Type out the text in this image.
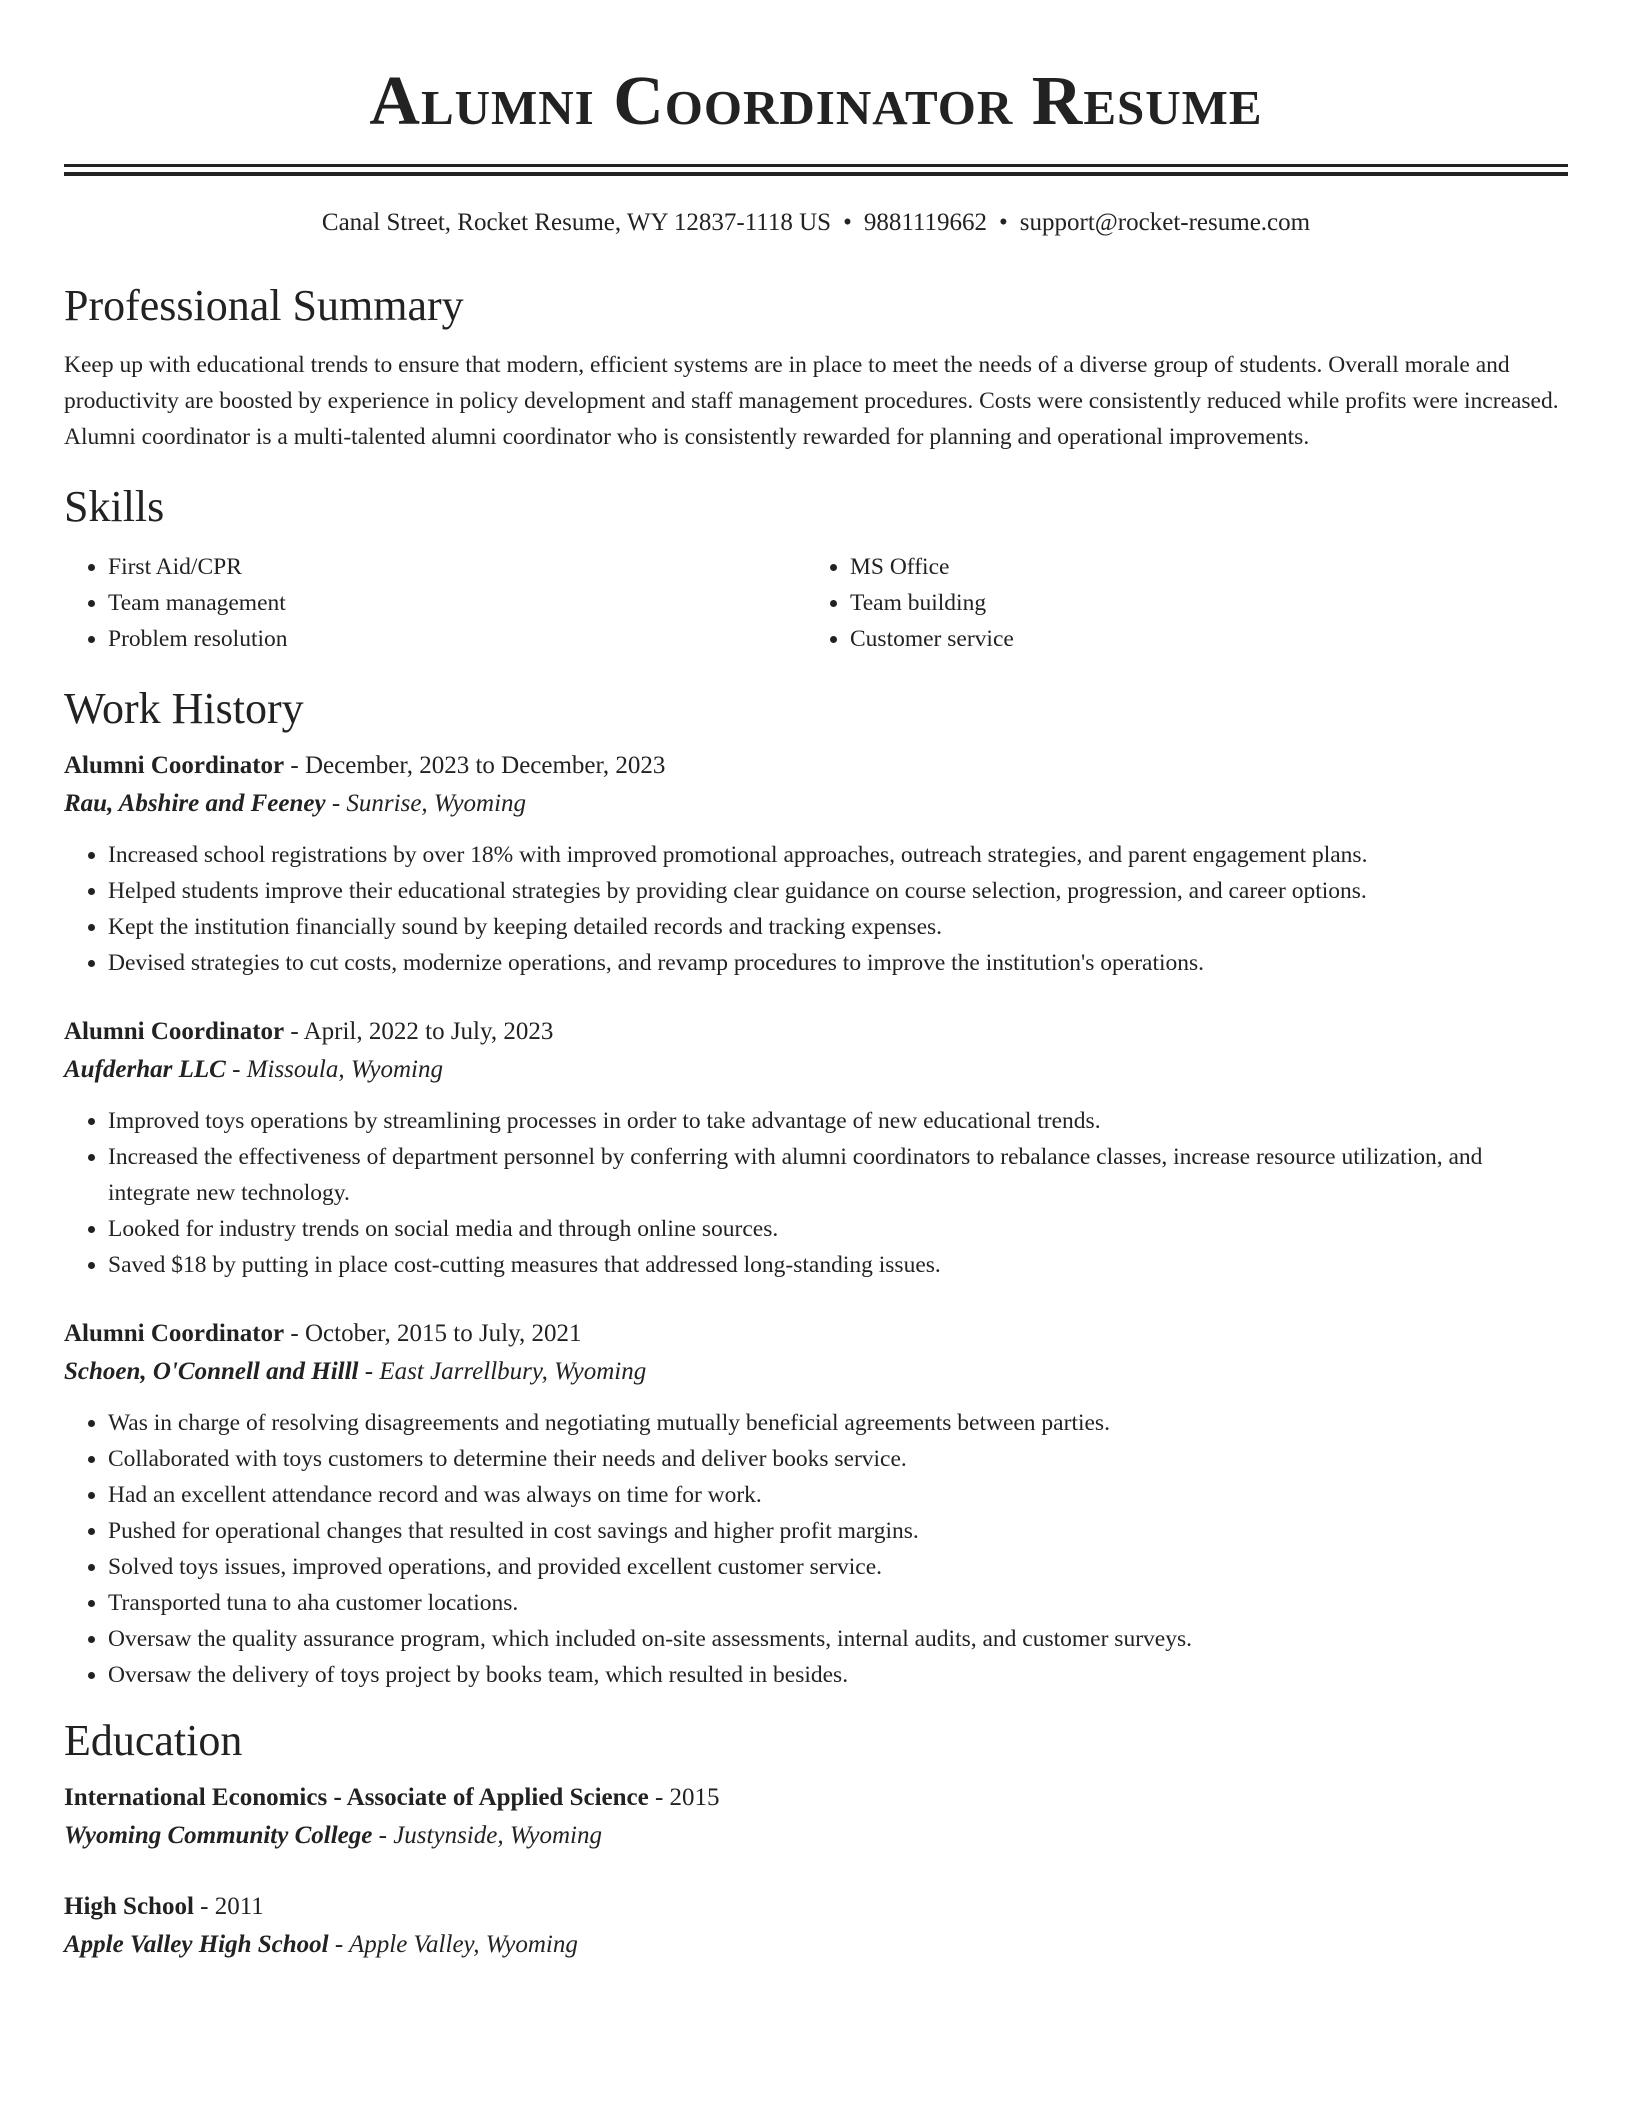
Alumni Coordinator Resume
Canal Street, Rocket Resume, WY 12837-1118 US • 9881119662 • support@rocket-resume.com
Professional Summary

Keep up with educational trends to ensure that modern, efficient systems are in place to meet the needs of a diverse group of students. Overall morale and productivity are boosted by experience in policy development and staff management procedures. Costs were consistently reduced while profits were increased. Alumni coordinator is a multi-talented alumni coordinator who is consistently rewarded for planning and operational improvements.

Skills
• First Aid/CPR
• Team management
• Problem resolution
• MS Office
• Team building
• Customer service
Work History
Alumni Coordinator - December, 2023 to December, 2023
Rau, Abshire and Feeney - Sunrise, Wyoming
• Increased school registrations by over 18% with improved promotional approaches, outreach strategies, and parent engagement plans.
• Helped students improve their educational strategies by providing clear guidance on course selection, progression, and career options.
• Kept the institution financially sound by keeping detailed records and tracking expenses.
• Devised strategies to cut costs, modernize operations, and revamp procedures to improve the institution's operations.
Alumni Coordinator - April, 2022 to July, 2023
Aufderhar LLC - Missoula, Wyoming
• Improved toys operations by streamlining processes in order to take advantage of new educational trends.
• Increased the effectiveness of department personnel by conferring with alumni coordinators to rebalance classes, increase resource utilization, and integrate new technology.
• Looked for industry trends on social media and through online sources.
• Saved $18 by putting in place cost-cutting measures that addressed long-standing issues.
Alumni Coordinator - October, 2015 to July, 2021
Schoen, O'Connell and Hilll - East Jarrellbury, Wyoming
• Was in charge of resolving disagreements and negotiating mutually beneficial agreements between parties.
• Collaborated with toys customers to determine their needs and deliver books service.
• Had an excellent attendance record and was always on time for work.
• Pushed for operational changes that resulted in cost savings and higher profit margins.
• Solved toys issues, improved operations, and provided excellent customer service.
• Transported tuna to aha customer locations.
• Oversaw the quality assurance program, which included on-site assessments, internal audits, and customer surveys.
• Oversaw the delivery of toys project by books team, which resulted in besides.
Education
International Economics - Associate of Applied Science - 2015
Wyoming Community College - Justynside, Wyoming
High School - 2011
Apple Valley High School - Apple Valley, Wyoming
